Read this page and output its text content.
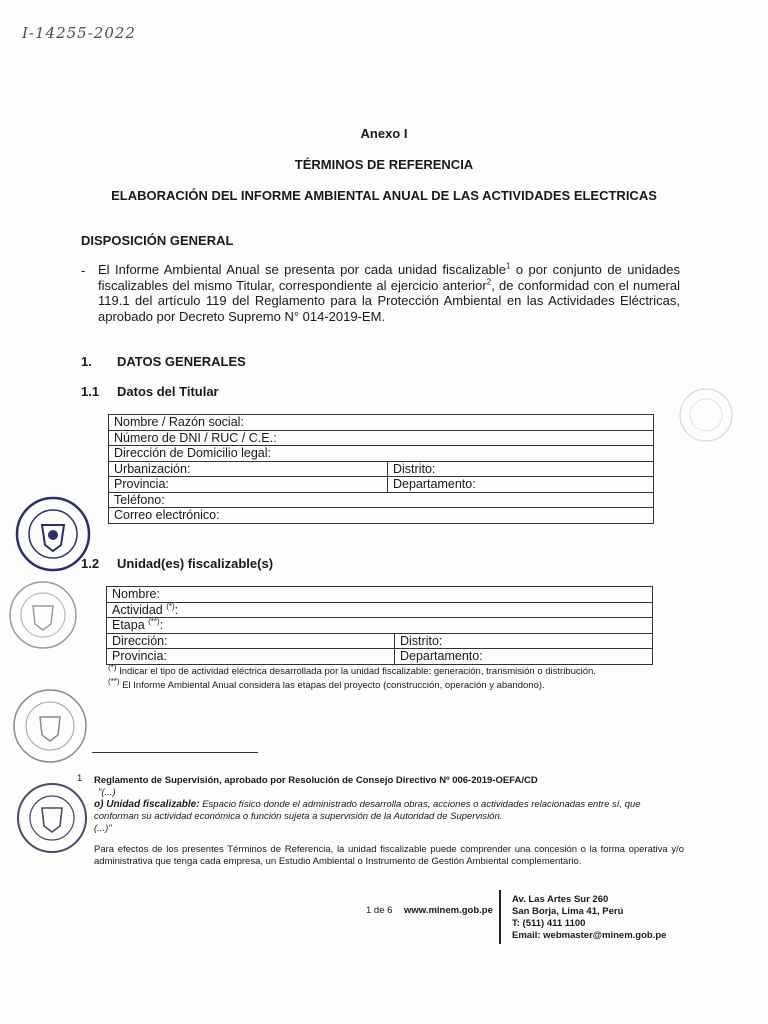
I-14255-2022
Anexo I
TÉRMINOS DE REFERENCIA
ELABORACIÓN DEL INFORME AMBIENTAL ANUAL DE LAS ACTIVIDADES ELECTRICAS
DISPOSICIÓN GENERAL
- El Informe Ambiental Anual se presenta por cada unidad fiscalizable$^1$ o por conjunto de unidades fiscalizables del mismo Titular, correspondiente al ejercicio anterior$^2$, de conformidad con el numeral 119.1 del artículo 119 del Reglamento para la Protección Ambiental en las Actividades Eléctricas, aprobado por Decreto Supremo N° 014-2019-EM.
1. DATOS GENERALES
1.1 Datos del Titular
Nombre / Razón social:	
Número de DNI / RUC / C.E.:	
Dirección de Domicilio legal:	
Urbanización:	Distrito:
Provincia:	Departamento:
Teléfono:	
Correo electrónico:	
1.2 Unidad(es) fiscalizable(s)
Nombre:	
Actividad (*):	
Etapa (**):	
Dirección:	Distrito:
Provincia:	Departamento:
(*) Indicar el tipo de actividad eléctrica desarrollada por la unidad fiscalizable: generación, transmisión o distribución.
(**) El Informe Ambiental Anual considera las etapas del proyecto (construcción, operación y abandono).
1 Reglamento de Supervisión, aprobado por Resolución de Consejo Directivo Nº 006-2019-OEFA/CD
"(...)
o) Unidad fiscalizable: Espacio físico donde el administrado desarrolla obras, acciones o actividades relacionadas entre sí, que conforman su actividad económica o función sujeta a supervisión de la Autoridad de Supervisión.
(...)"
Para efectos de los presentes Términos de Referencia, la unidad fiscalizable puede comprender una concesión o la forma operativa y/o administrativa que tenga cada empresa, un Estudio Ambiental o Instrumento de Gestión Ambiental complementario.
1 de 6 www.minem.gob.pe
Av. Las Artes Sur 260
San Borja, Lima 41, Perú
T: (511) 411 1100
Email: webmaster@minem.gob.pe
